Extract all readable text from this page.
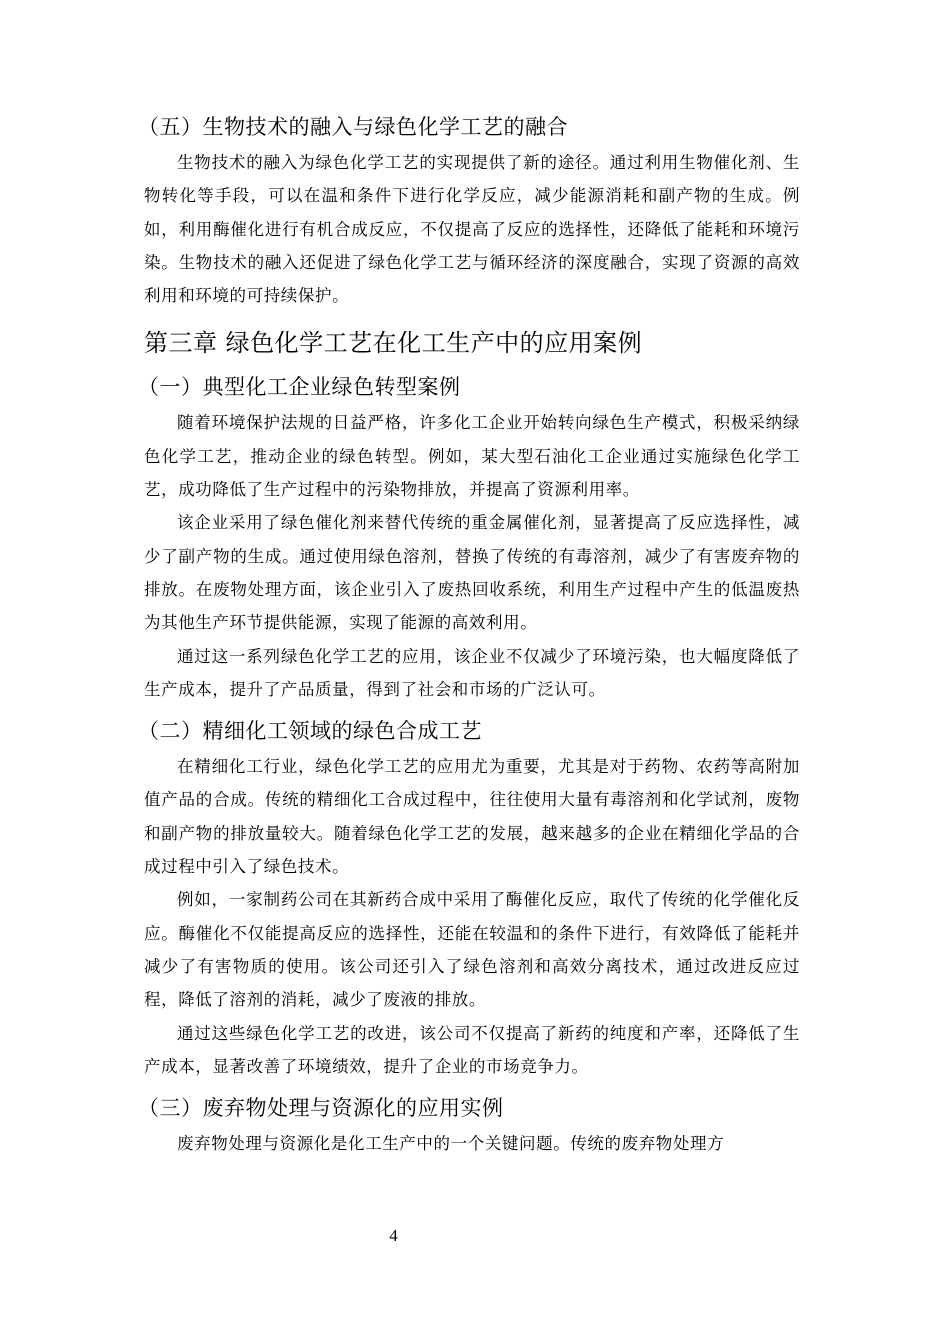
（五）生物技术的融入与绿色化学工艺的融合

生物技术的融入为绿色化学工艺的实现提供了新的途径。通过利用生物催化剂、生物转化等手段，可以在温和条件下进行化学反应，减少能源消耗和副产物的生成。例如，利用酶催化进行有机合成反应，不仅提高了反应的选择性，还降低了能耗和环境污染。生物技术的融入还促进了绿色化学工艺与循环经济的深度融合，实现了资源的高效利用和环境的可持续保护。

第三章 绿色化学工艺在化工生产中的应用案例
（一）典型化工企业绿色转型案例

随着环境保护法规的日益严格，许多化工企业开始转向绿色生产模式，积极采纳绿色化学工艺，推动企业的绿色转型。例如，某大型石油化工企业通过实施绿色化学工艺，成功降低了生产过程中的污染物排放，并提高了资源利用率。

该企业采用了绿色催化剂来替代传统的重金属催化剂，显著提高了反应选择性，减少了副产物的生成。通过使用绿色溶剂，替换了传统的有毒溶剂，减少了有害废弃物的排放。在废物处理方面，该企业引入了废热回收系统，利用生产过程中产生的低温废热为其他生产环节提供能源，实现了能源的高效利用。

通过这一系列绿色化学工艺的应用，该企业不仅减少了环境污染，也大幅度降低了生产成本，提升了产品质量，得到了社会和市场的广泛认可。

（二）精细化工领域的绿色合成工艺

在精细化工行业，绿色化学工艺的应用尤为重要，尤其是对于药物、农药等高附加值产品的合成。传统的精细化工合成过程中，往往使用大量有毒溶剂和化学试剂，废物和副产物的排放量较大。随着绿色化学工艺的发展，越来越多的企业在精细化学品的合成过程中引入了绿色技术。

例如，一家制药公司在其新药合成中采用了酶催化反应，取代了传统的化学催化反应。酶催化不仅能提高反应的选择性，还能在较温和的条件下进行，有效降低了能耗并减少了有害物质的使用。该公司还引入了绿色溶剂和高效分离技术，通过改进反应过程，降低了溶剂的消耗，减少了废液的排放。

通过这些绿色化学工艺的改进，该公司不仅提高了新药的纯度和产率，还降低了生产成本，显著改善了环境绩效，提升了企业的市场竞争力。

（三）废弃物处理与资源化的应用实例

废弃物处理与资源化是化工生产中的一个关键问题。传统的废弃物处理方

4
